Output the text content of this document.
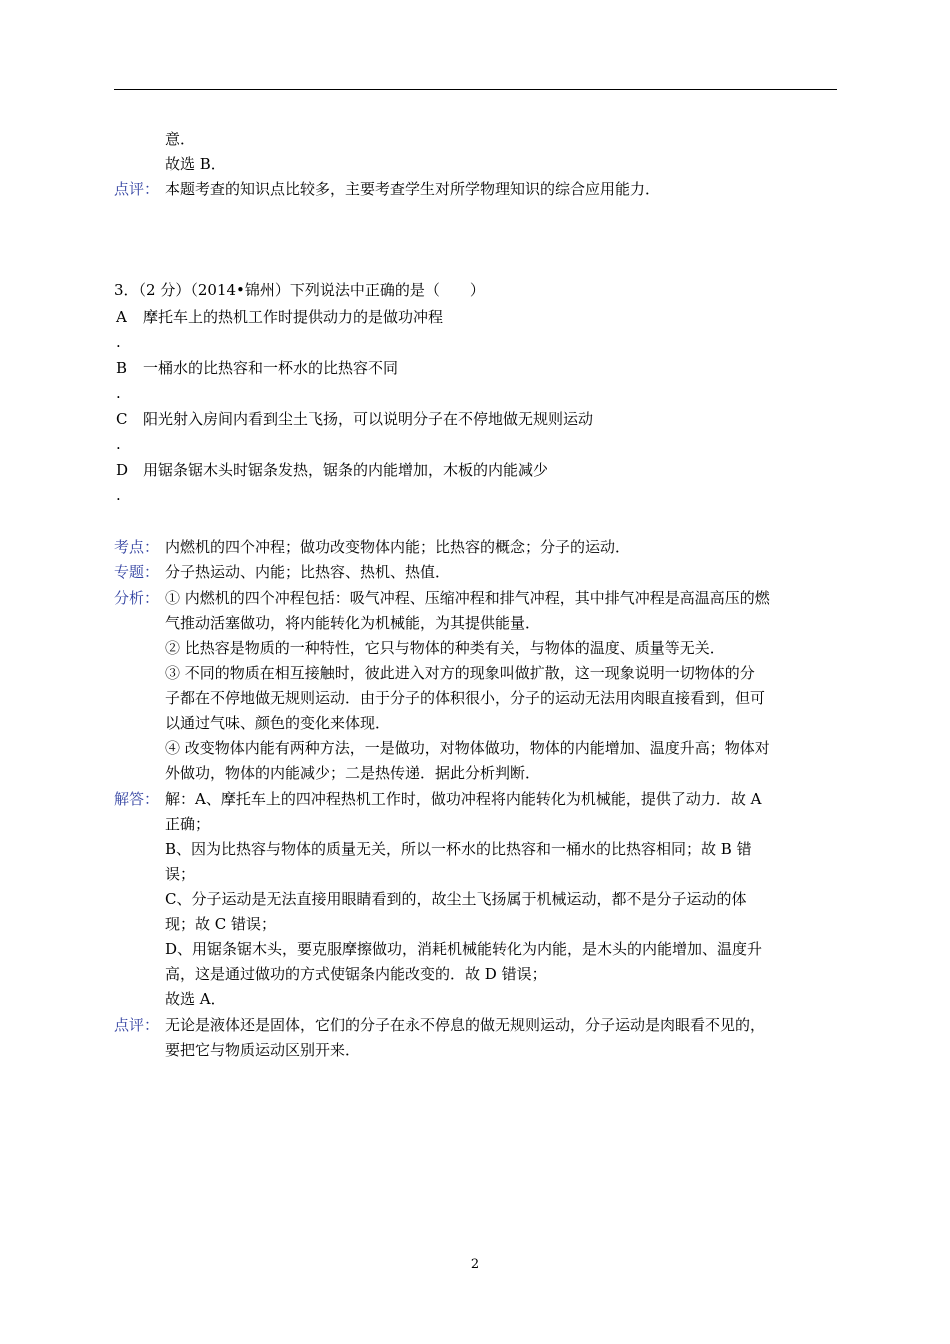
意．
故选 B．
点评： 本题考查的知识点比较多，主要考查学生对所学物理知识的综合应用能力．
3．（2 分）（2014•锦州）下列说法中正确的是（　　）
A 摩托车上的热机工作时提供动力的是做功冲程
.
B 一桶水的比热容和一杯水的比热容不同
.
C 阳光射入房间内看到尘土飞扬，可以说明分子在不停地做无规则运动
.
D 用锯条锯木头时锯条发热，锯条的内能增加，木板的内能减少
.
考点： 内燃机的四个冲程；做功改变物体内能；比热容的概念；分子的运动．
专题： 分子热运动、内能；比热容、热机、热值．
分析： ① 内燃机的四个冲程包括：吸气冲程、压缩冲程和排气冲程，其中排气冲程是高温高压的燃
气推动活塞做功，将内能转化为机械能，为其提供能量．
② 比热容是物质的一种特性，它只与物体的种类有关，与物体的温度、质量等无关．
③ 不同的物质在相互接触时，彼此进入对方的现象叫做扩散，这一现象说明一切物体的分
子都在不停地做无规则运动．由于分子的体积很小，分子的运动无法用肉眼直接看到，但可
以通过气味、颜色的变化来体现．
④ 改变物体内能有两种方法，一是做功，对物体做功，物体的内能增加、温度升高；物体对
外做功，物体的内能减少；二是热传递．据此分析判断．
解答： 解：A、摩托车上的四冲程热机工作时，做功冲程将内能转化为机械能，提供了动力．故 A
正确；
B、因为比热容与物体的质量无关，所以一杯水的比热容和一桶水的比热容相同；故 B 错
误；
C、分子运动是无法直接用眼睛看到的，故尘土飞扬属于机械运动，都不是分子运动的体
现；故 C 错误；
D、用锯条锯木头，要克服摩擦做功，消耗机械能转化为内能，是木头的内能增加、温度升
高，这是通过做功的方式使锯条内能改变的．故 D 错误；
故选 A．
点评： 无论是液体还是固体，它们的分子在永不停息的做无规则运动，分子运动是肉眼看不见的，
要把它与物质运动区别开来．
2
